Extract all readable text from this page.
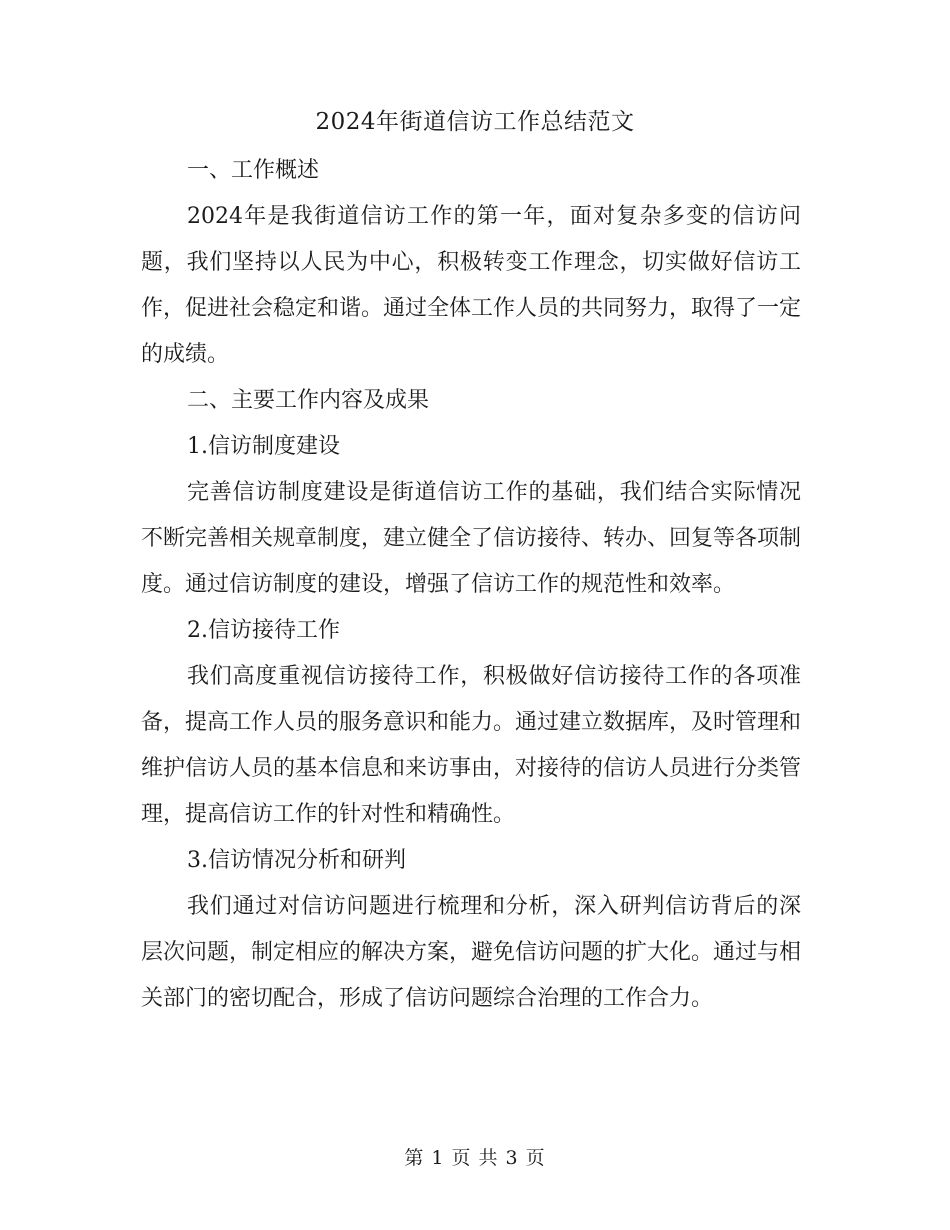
2024年街道信访工作总结范文

一、工作概述

2024年是我街道信访工作的第一年，面对复杂多变的信访问题，我们坚持以人民为中心，积极转变工作理念，切实做好信访工作，促进社会稳定和谐。通过全体工作人员的共同努力，取得了一定的成绩。

二、主要工作内容及成果

1.信访制度建设

完善信访制度建设是街道信访工作的基础，我们结合实际情况不断完善相关规章制度，建立健全了信访接待、转办、回复等各项制度。通过信访制度的建设，增强了信访工作的规范性和效率。

2.信访接待工作

我们高度重视信访接待工作，积极做好信访接待工作的各项准备，提高工作人员的服务意识和能力。通过建立数据库，及时管理和维护信访人员的基本信息和来访事由，对接待的信访人员进行分类管理，提高信访工作的针对性和精确性。

3.信访情况分析和研判

我们通过对信访问题进行梳理和分析，深入研判信访背后的深层次问题，制定相应的解决方案，避免信访问题的扩大化。通过与相关部门的密切配合，形成了信访问题综合治理的工作合力。

第 1 页 共 3 页
